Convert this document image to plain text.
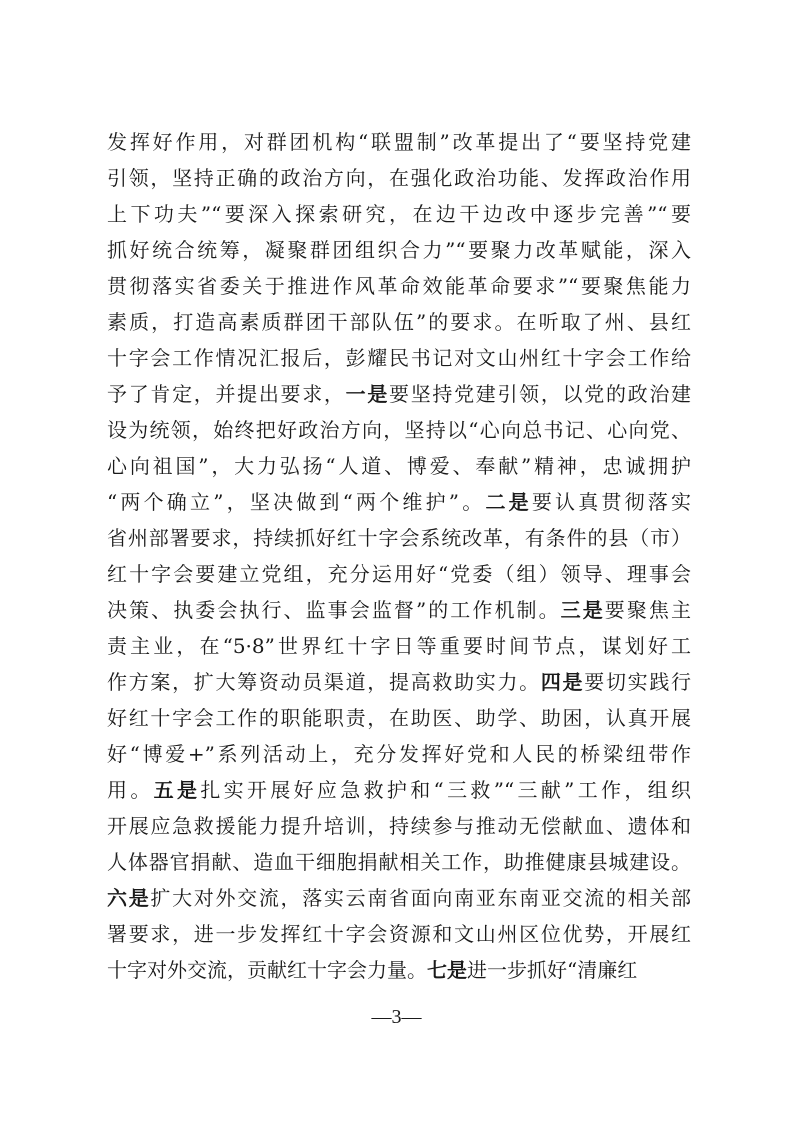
发挥好作用，对群团机构“联盟制”改革提出了“要坚持党建
引领，坚持正确的政治方向，在强化政治功能、发挥政治作用
上下功夫”“要深入探索研究，在边干边改中逐步完善”“要
抓好统合统筹，凝聚群团组织合力”“要聚力改革赋能，深入
贯彻落实省委关于推进作风革命效能革命要求”“要聚焦能力
素质，打造高素质群团干部队伍”的要求。在听取了州、县红
十字会工作情况汇报后，彭耀民书记对文山州红十字会工作给
予了肯定，并提出要求，一是要坚持党建引领，以党的政治建
设为统领，始终把好政治方向，坚持以“心向总书记、心向党、
心向祖国”，大力弘扬“人道、博爱、奉献”精神，忠诚拥护
“两个确立”，坚决做到“两个维护”。二是要认真贯彻落实
省州部署要求，持续抓好红十字会系统改革，有条件的县（市）
红十字会要建立党组，充分运用好“党委（组）领导、理事会
决策、执委会执行、监事会监督”的工作机制。三是要聚焦主
责主业，在“5·8”世界红十字日等重要时间节点，谋划好工
作方案，扩大筹资动员渠道，提高救助实力。四是要切实践行
好红十字会工作的职能职责，在助医、助学、助困，认真开展
好“博爱+”系列活动上，充分发挥好党和人民的桥梁纽带作
用。五是扎实开展好应急救护和“三救”“三献”工作，组织
开展应急救援能力提升培训，持续参与推动无偿献血、遗体和
人体器官捐献、造血干细胞捐献相关工作，助推健康县城建设。
六是扩大对外交流，落实云南省面向南亚东南亚交流的相关部
署要求，进一步发挥红十字会资源和文山州区位优势，开展红
十字对外交流，贡献红十字会力量。七是进一步抓好“清廉红
—3—
